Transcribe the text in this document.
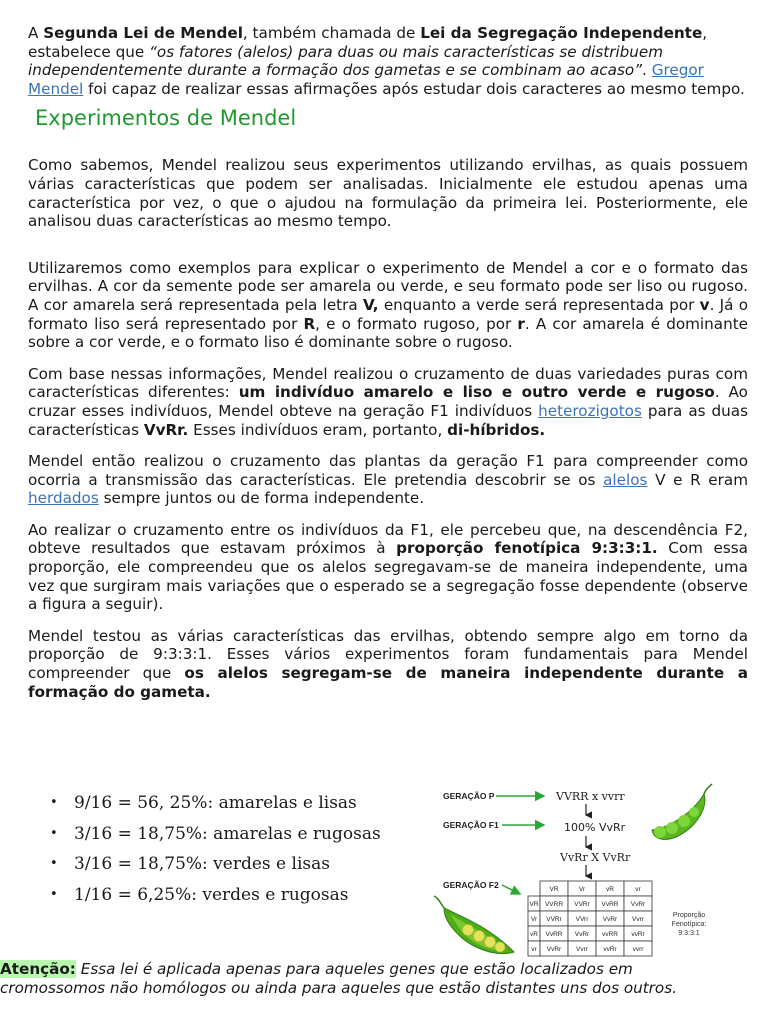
A Segunda Lei de Mendel, também chamada de Lei da Segregação Independente, estabelece que “os fatores (alelos) para duas ou mais características se distribuem independentemente durante a formação dos gametas e se combinam ao acaso”. Gregor Mendel foi capaz de realizar essas afirmações após estudar dois caracteres ao mesmo tempo.

Experimentos de Mendel

Como sabemos, Mendel realizou seus experimentos utilizando ervilhas, as quais possuem várias características que podem ser analisadas. Inicialmente ele estudou apenas uma característica por vez, o que o ajudou na formulação da primeira lei. Posteriormente, ele analisou duas características ao mesmo tempo.

Utilizaremos como exemplos para explicar o experimento de Mendel a cor e o formato das ervilhas. A cor da semente pode ser amarela ou verde, e seu formato pode ser liso ou rugoso. A cor amarela será representada pela letra V, enquanto a verde será representada por v. Já o formato liso será representado por R, e o formato rugoso, por r. A cor amarela é dominante sobre a cor verde, e o formato liso é dominante sobre o rugoso.

Com base nessas informações, Mendel realizou o cruzamento de duas variedades puras com características diferentes: um indivíduo amarelo e liso e outro verde e rugoso. Ao cruzar esses indivíduos, Mendel obteve na geração F1 indivíduos heterozigotos para as duas características VvRr. Esses indivíduos eram, portanto, di-híbridos.

Mendel então realizou o cruzamento das plantas da geração F1 para compreender como ocorria a transmissão das características. Ele pretendia descobrir se os alelos V e R eram herdados sempre juntos ou de forma independente.

Ao realizar o cruzamento entre os indivíduos da F1, ele percebeu que, na descendência F2, obteve resultados que estavam próximos à proporção fenotípica 9:3:3:1. Com essa proporção, ele compreendeu que os alelos segregavam-se de maneira independente, uma vez que surgiram mais variações que o esperado se a segregação fosse dependente (observe a figura a seguir).

Mendel testou as várias características das ervilhas, obtendo sempre algo em torno da proporção de 9:3:3:1. Esses vários experimentos foram fundamentais para Mendel compreender que os alelos segregam-se de maneira independente durante a formação do gameta.

• 9/16 = 56, 25%: amarelas e lisas
• 3/16 = 18,75%: amarelas e rugosas
• 3/16 = 18,75%: verdes e lisas
• 1/16 = 6,25%: verdes e rugosas
GERAÇÃO P
GERAÇÃO F1
GERAÇÃO F2
VVRR x vvrr
100% VvRr
VvRr X VvRr
VR	Vr	vR	vr
VR VVRR VVRr VvRR VvRr
Vr VVRr VVrr VvRr Vvrr
vR VvRR VvRr vvRR vvRr
vr VvRr Vvrr vvRr vvrr
Proporção
Fenotípica:
9:3:3:1
Atenção: Essa lei é aplicada apenas para aqueles genes que estão localizados em cromossomos não homólogos ou ainda para aqueles que estão distantes uns dos outros.
